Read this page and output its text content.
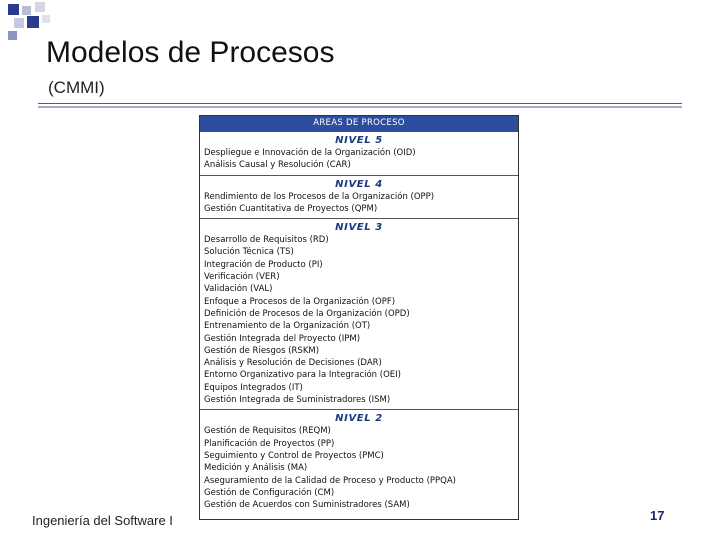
Modelos de Procesos
(CMMI)
AREAS DE PROCESO
NIVEL 5
Despliegue e Innovación de la Organización (OID)
Análisis Causal y Resolución (CAR)
NIVEL 4
Rendimiento de los Procesos de la Organización (OPP)
Gestión Cuantitativa de Proyectos (QPM)
NIVEL 3
Desarrollo de Requisitos (RD)
Solución Técnica (TS)
Integración de Producto (PI)
Verificación (VER)
Validación (VAL)
Enfoque a Procesos de la Organización (OPF)
Definición de Procesos de la Organización (OPD)
Entrenamiento de la Organización (OT)
Gestión Integrada del Proyecto (IPM)
Gestión de Riesgos (RSKM)
Análisis y Resolución de Decisiones (DAR)
Entorno Organizativo para la Integración (OEI)
Equipos Integrados (IT)
Gestión Integrada de Suministradores (ISM)
NIVEL 2
Gestión de Requisitos (REQM)
Planificación de Proyectos (PP)
Seguimiento y Control de Proyectos (PMC)
Medición y Análisis (MA)
Aseguramiento de la Calidad de Proceso y Producto (PPQA)
Gestión de Configuración (CM)
Gestión de Acuerdos con Suministradores (SAM)
Ingeniería del Software I	17
